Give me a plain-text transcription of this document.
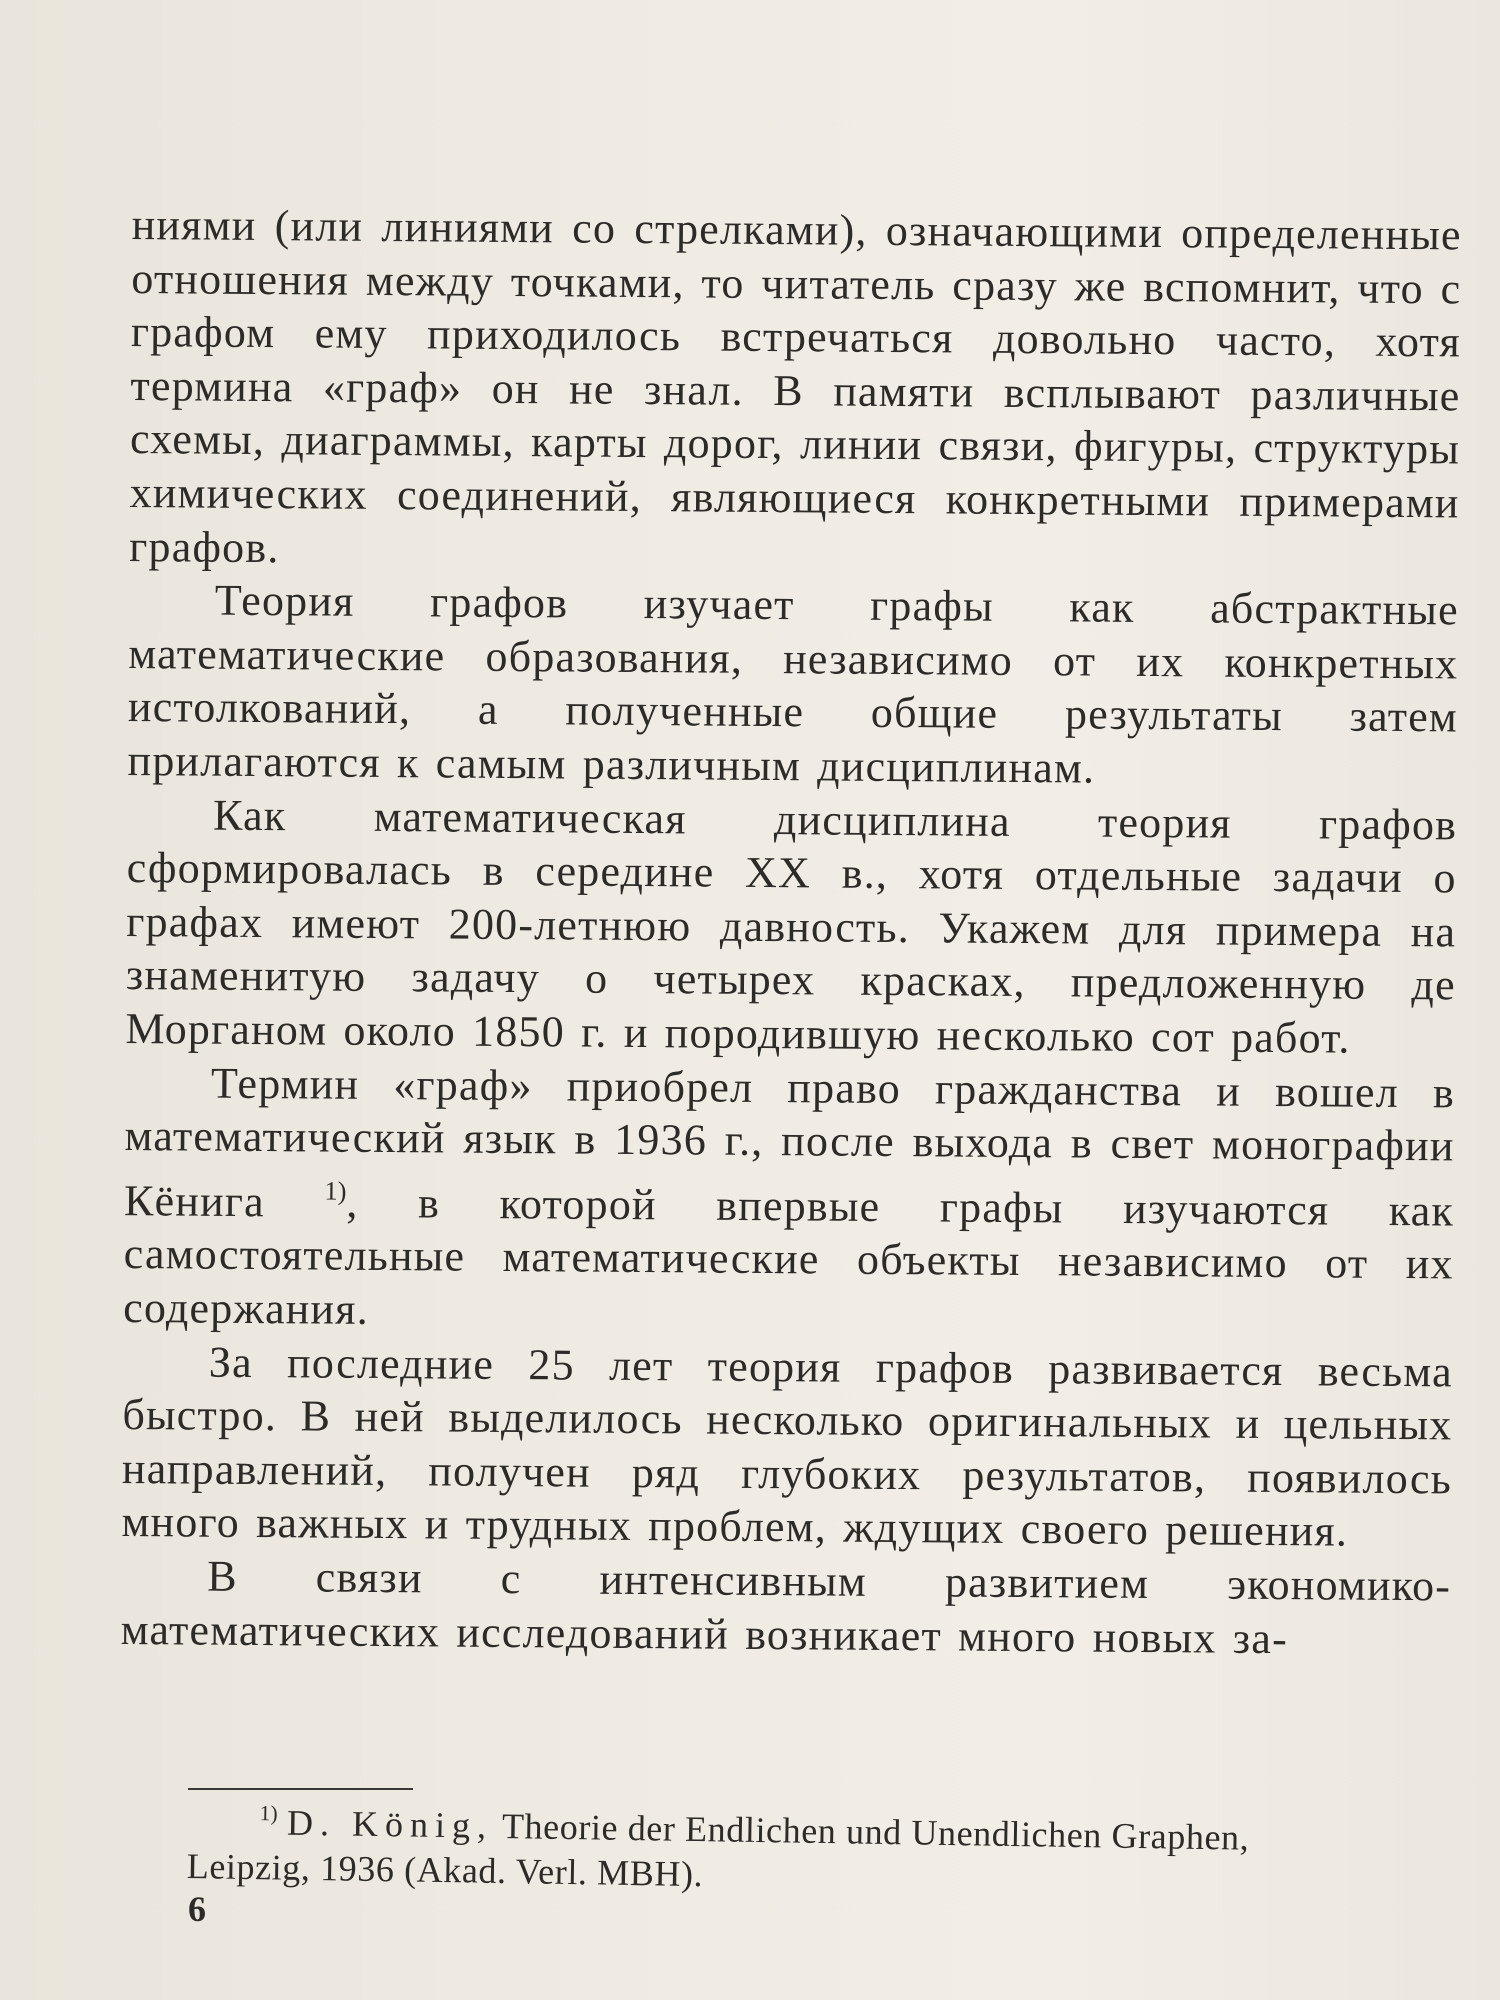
ниями (или линиями со стрелками), означающими определенные отношения между точками, то читатель сразу же вспомнит, что с графом ему приходилось встречаться довольно часто, хотя термина «граф» он не знал. В памяти всплывают различные схемы, диаграммы, карты дорог, линии связи, фигуры, структуры химических соединений, являющиеся конкретными примерами графов.

Теория графов изучает графы как абстрактные математические образования, независимо от их конкретных истолкований, а полученные общие результаты затем прилагаются к самым различным дисциплинам.

Как математическая дисциплина теория графов сформировалась в середине XX в., хотя отдельные задачи о графах имеют 200-летнюю давность. Укажем для примера на знаменитую задачу о четырех красках, предложенную де Морганом около 1850 г. и породившую несколько сот работ.

Термин «граф» приобрел право гражданства и вошел в математический язык в 1936 г., после выхода в свет монографии Кёнига $^{1)}$, в которой впервые графы изучаются как самостоятельные математические объекты независимо от их содержания.

За последние 25 лет теория графов развивается весьма быстро. В ней выделилось несколько оригинальных и цельных направлений, получен ряд глубоких результатов, появилось много важных и трудных проблем, ждущих своего решения.

В связи с интенсивным развитием экономико-математических исследований возникает много новых за-

$^{1)}$ D. König, Theorie der Endlichen und Unendlichen Graphen,
Leipzig, 1936 (Akad. Verl. MBH).
6
